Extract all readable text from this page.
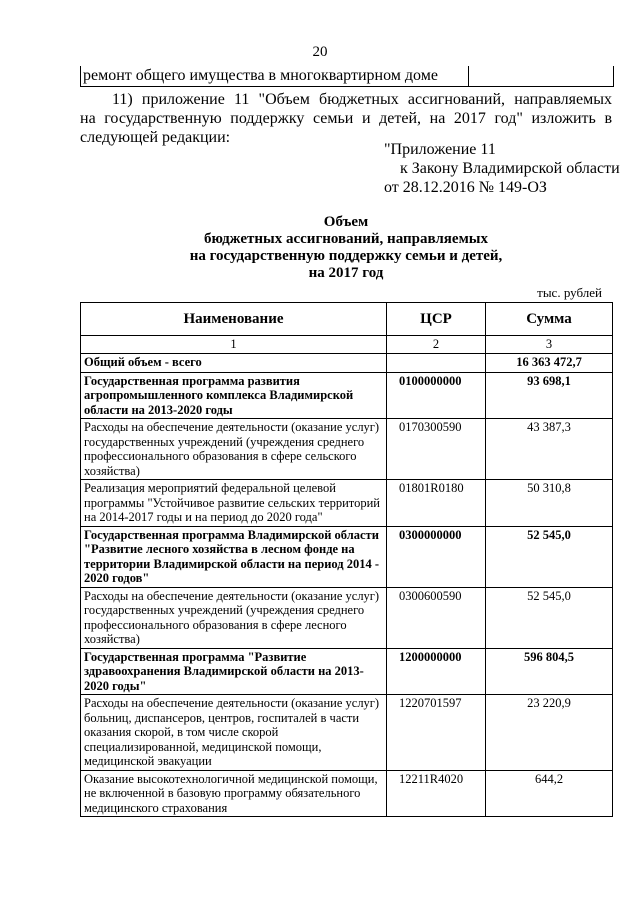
20
ремонт общего имущества в многоквартирном доме
11) приложение 11 "Объем бюджетных ассигнований, направляемых
на государственную поддержку семьи и детей, на 2017 год" изложить в
следующей редакции:
"Приложение 11
к Закону Владимирской области
от 28.12.2016 № 149-ОЗ
Объем
бюджетных ассигнований, направляемых
на государственную поддержку семьи и детей,
на 2017 год
тыс. рублей
Наименование	ЦСР	Сумма
1	2	3
Общий объем - всего		16 363 472,7
Государственная программа развития агропромышленного комплекса Владимирской области на 2013-2020 годы	0100000000	93 698,1
Расходы на обеспечение деятельности (оказание услуг) государственных учреждений (учреждения среднего профессионального образования в сфере сельского хозяйства)	0170300590	43 387,3
Реализация мероприятий федеральной целевой программы "Устойчивое развитие сельских территорий на 2014-2017 годы и на период до 2020 года"	01801R0180	50 310,8
Государственная программа Владимирской области "Развитие лесного хозяйства в лесном фонде на территории Владимирской области на период 2014 - 2020 годов"	0300000000	52 545,0
Расходы на обеспечение деятельности (оказание услуг) государственных учреждений (учреждения среднего профессионального образования в сфере лесного хозяйства)	0300600590	52 545,0
Государственная программа "Развитие здравоохранения Владимирской области на 2013-2020 годы"	1200000000	596 804,5
Расходы на обеспечение деятельности (оказание услуг) больниц, диспансеров, центров, госпиталей в части оказания скорой, в том числе скорой специализированной, медицинской помощи, медицинской эвакуации	1220701597	23 220,9
Оказание высокотехнологичной медицинской помощи, не включенной в базовую программу обязательного медицинского страхования	12211R4020	644,2
